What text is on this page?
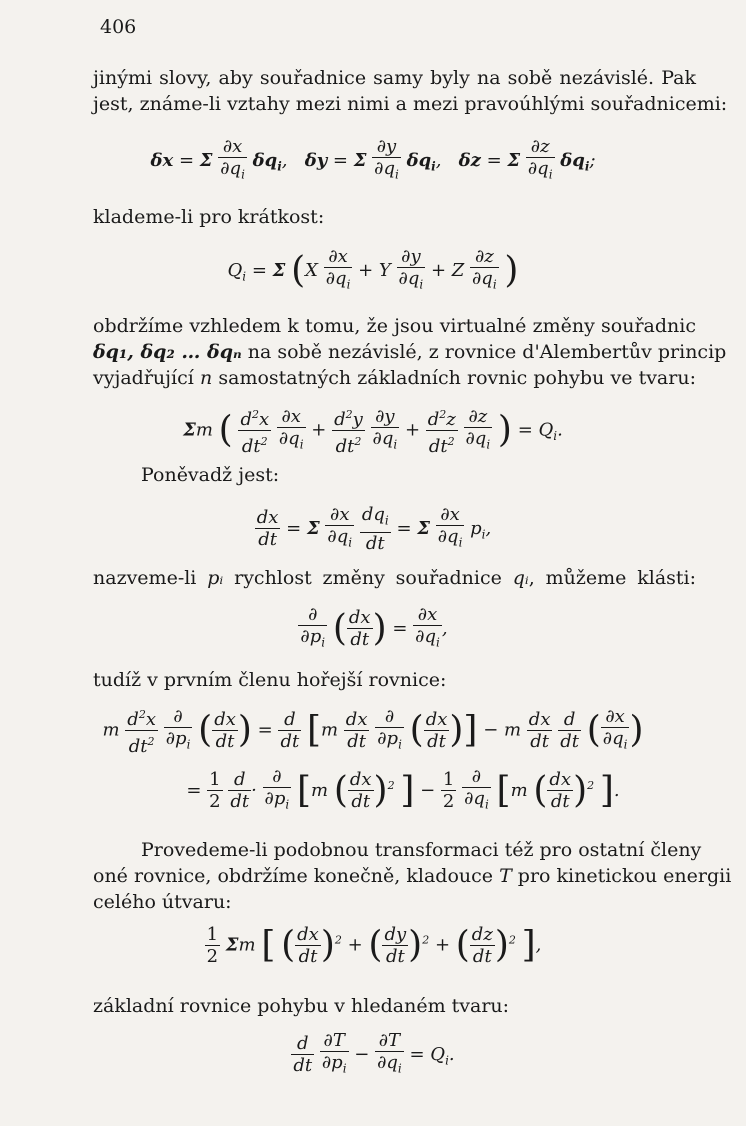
406
jinými slovy, aby souřadnice samy byly na sobě nezávislé. Pak
jest, známe-li vztahy mezi nimi a mezi pravoúhlými souřadnicemi:
δx = Σ $\frac{\partial x}{\partial q_i} \delta q_i$,   δy = Σ $\frac{\partial y}{\partial q_i} \delta q_i$,   δz = Σ $\frac{\partial z}{\partial q_i} \delta q_i$;
klademe-li pro krátkost:
$Q_i = \Sigma$ ($X \frac{\partial x}{\partial q_i} + Y \frac{\partial y}{\partial q_i} + Z \frac{\partial z}{\partial q_i}$ )
obdržíme vzhledem k tomu, že jsou virtualné změny souřadnic
δq₁, δq₂ … δqₙ na sobě nezávislé, z rovnice d'Alembertův princip
vyjadřující n samostatných základních rovnic pohybu ve tvaru:
Σm ( $\frac{d^2x}{dt^2}$
$\frac{\partial x}{\partial q_i} + \frac{d^2y}{dt^2}$
$\frac{\partial y}{\partial q_i} + \frac{d^2z}{dt^2}$
$\frac{\partial z}{\partial q_i}$ ) = $Q_i$.
Poněvadž jest:
$\frac{dx}{dt} = \Sigma \frac{\partial x}{\partial q_i}$
$\frac{dq_i}{dt} = \Sigma \frac{\partial x}{\partial q_i} p_i$,
nazveme-li pᵢ rychlost změny souřadnice qᵢ, můžeme klásti:
$\frac{\partial}{\partial p_i}$ ( $\frac{dx}{dt}$ ) = $\frac{\partial x}{\partial q_i}$ ,
tudíž v prvním členu hořejší rovnice:
m $\frac{d^2x}{dt^2}$
$\frac{\partial}{\partial p_i}$ ( $\frac{dx}{dt}$ ) = $\frac{d}{dt} [m \frac{dx}{dt}$
$\frac{\partial}{\partial p_i}$ ( $\frac{dx}{dt}$ )] − m $\frac{dx}{dt}$
$\frac{d}{dt}$ ( $\frac{\partial x}{\partial q_i}$ )
= $\frac{1}{2}$
$\frac{d}{dt} \cdot \frac{\partial}{\partial p_i} [m$ ( $\frac{dx}{dt} )^2$ ] − $\frac{1}{2}$
$\frac{\partial}{\partial q_i} [m$ ( $\frac{dx}{dt} )^2$ ].
Provedeme-li podobnou transformaci též pro ostatní členy
oné rovnice, obdržíme konečně, kladouce T pro kinetickou energii
celého útvaru:
$\frac{1}{2}$ Σm [ ( $\frac{dx}{dt} )^2$ + ( $\frac{dy}{dt} )^2$ + ( $\frac{dz}{dt} )^2$ ],
základní rovnice pohybu v hledaném tvaru:
$\frac{d}{dt}$
$\frac{\partial T}{\partial p_i} - \frac{\partial T}{\partial q_i} = Q_i$.
